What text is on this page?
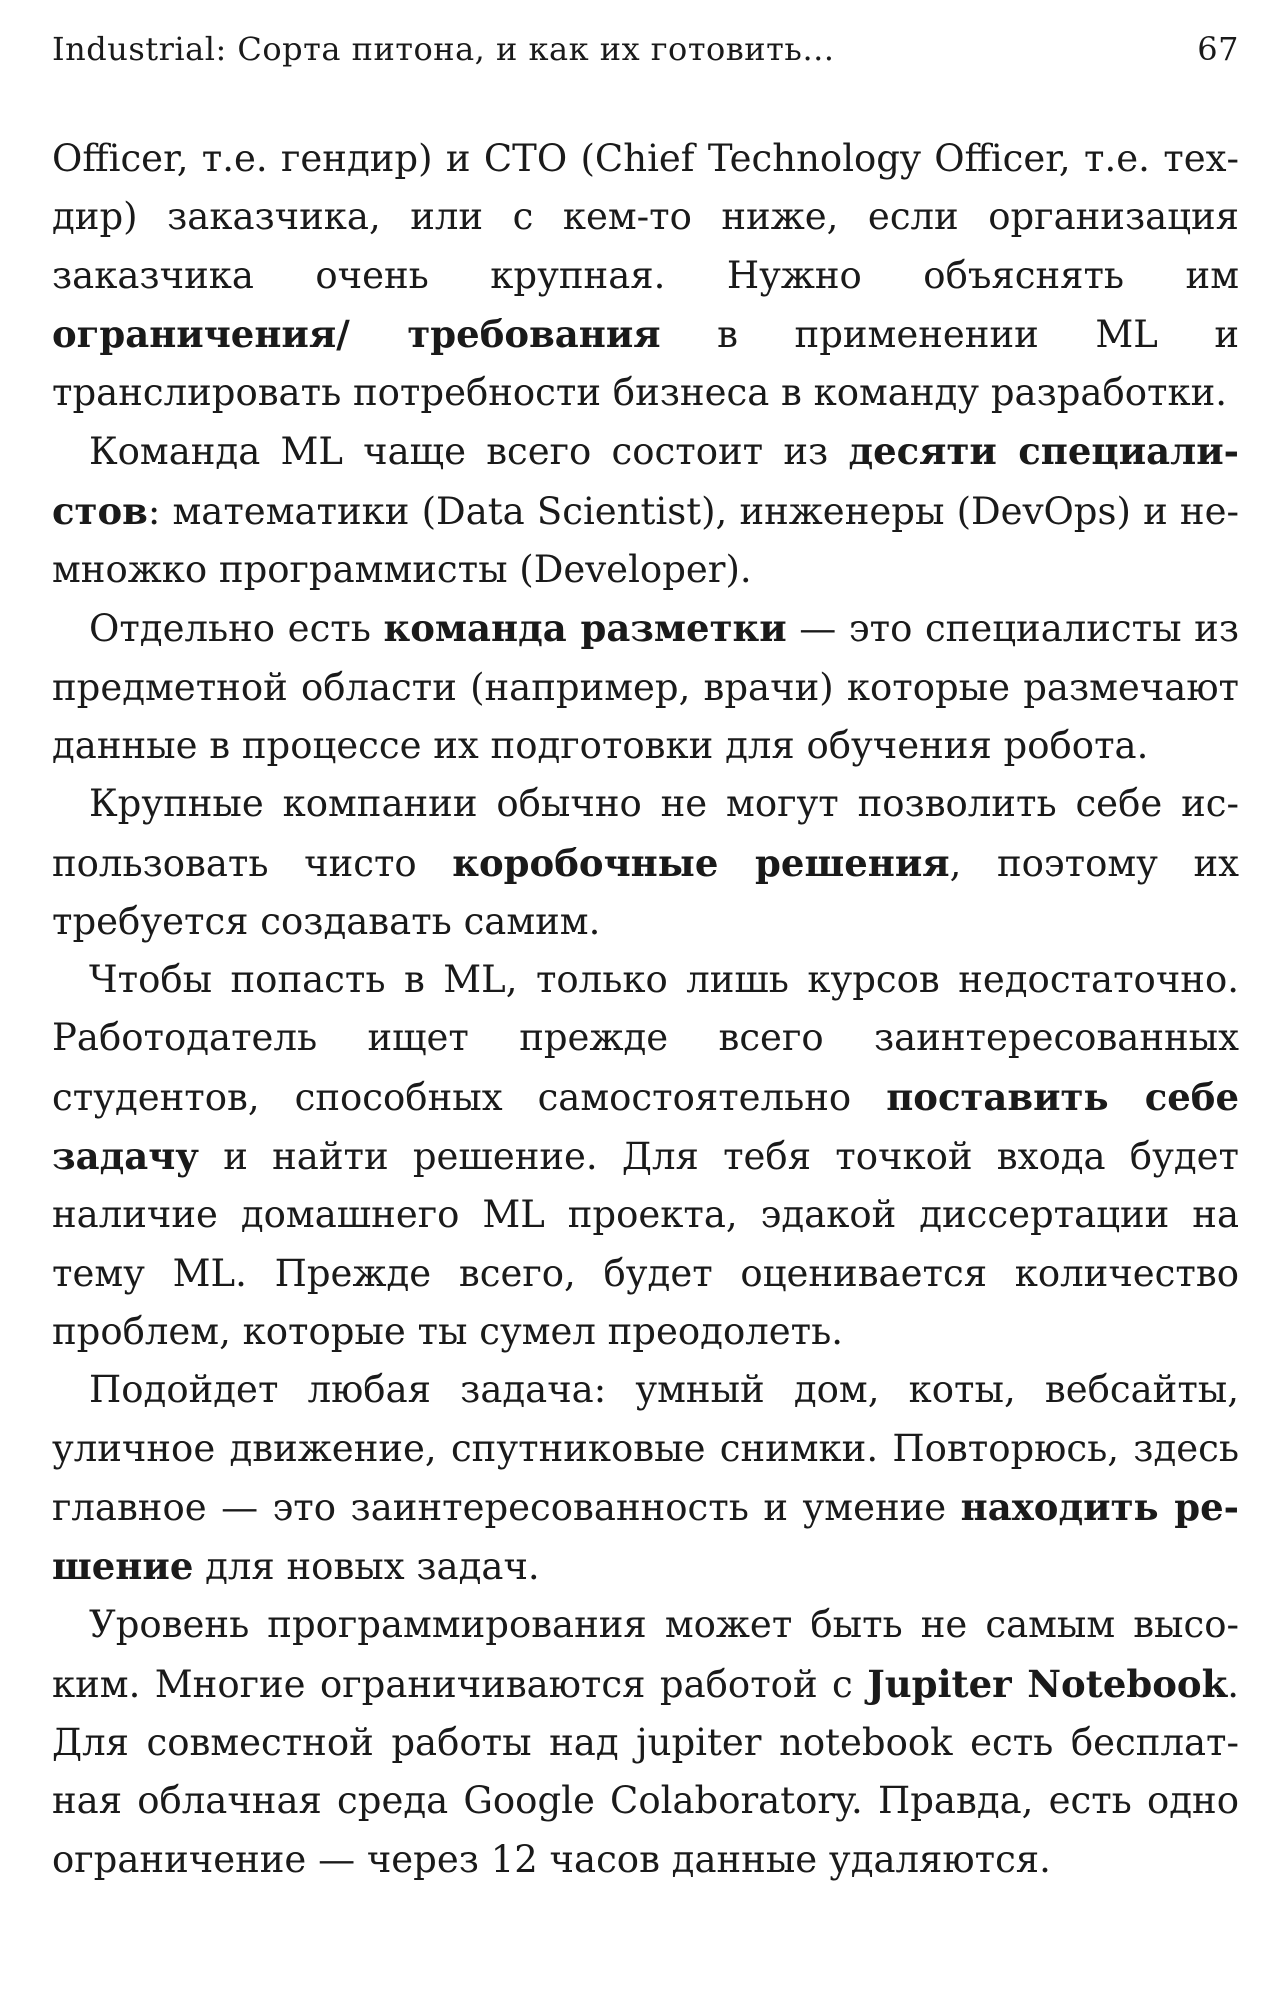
Industrial: Сорта питона, и как их готовить…	67

Officer, т.е. гендир) и CTO (Chief Technology Officer, т.е. техдир) заказчика, или с кем-то ниже, если организация заказчика очень крупная. Нужно объяснять им ограничения/ требования в применении ML и транслировать потребности бизнеса в команду разработки.

Команда ML чаще всего состоит из десяти специалистов: математики (Data Scientist), инженеры (DevOps) и немножко программисты (Developer).

Отдельно есть команда разметки — это специалисты из предметной области (например, врачи) которые размечают данные в процессе их подготовки для обучения робота.

Крупные компании обычно не могут позволить себе использовать чисто коробочные решения, поэтому их требуется создавать самим.

Чтобы попасть в ML, только лишь курсов недостаточно. Работодатель ищет прежде всего заинтересованных студентов, способных самостоятельно поставить себе задачу и найти решение. Для тебя точкой входа будет наличие домашнего ML проекта, эдакой диссертации на тему ML. Прежде всего, будет оценивается количество проблем, которые ты сумел преодолеть.

Подойдет любая задача: умный дом, коты, вебсайты, уличное движение, спутниковые снимки. Повторюсь, здесь главное — это заинтересованность и умение находить решение для новых задач.

Уровень программирования может быть не самым высоким. Многие ограничиваются работой с Jupiter Notebook. Для совместной работы над jupiter notebook есть бесплатная облачная среда Google Colaboratory. Правда, есть одно ограничение — через 12 часов данные удаляются.
